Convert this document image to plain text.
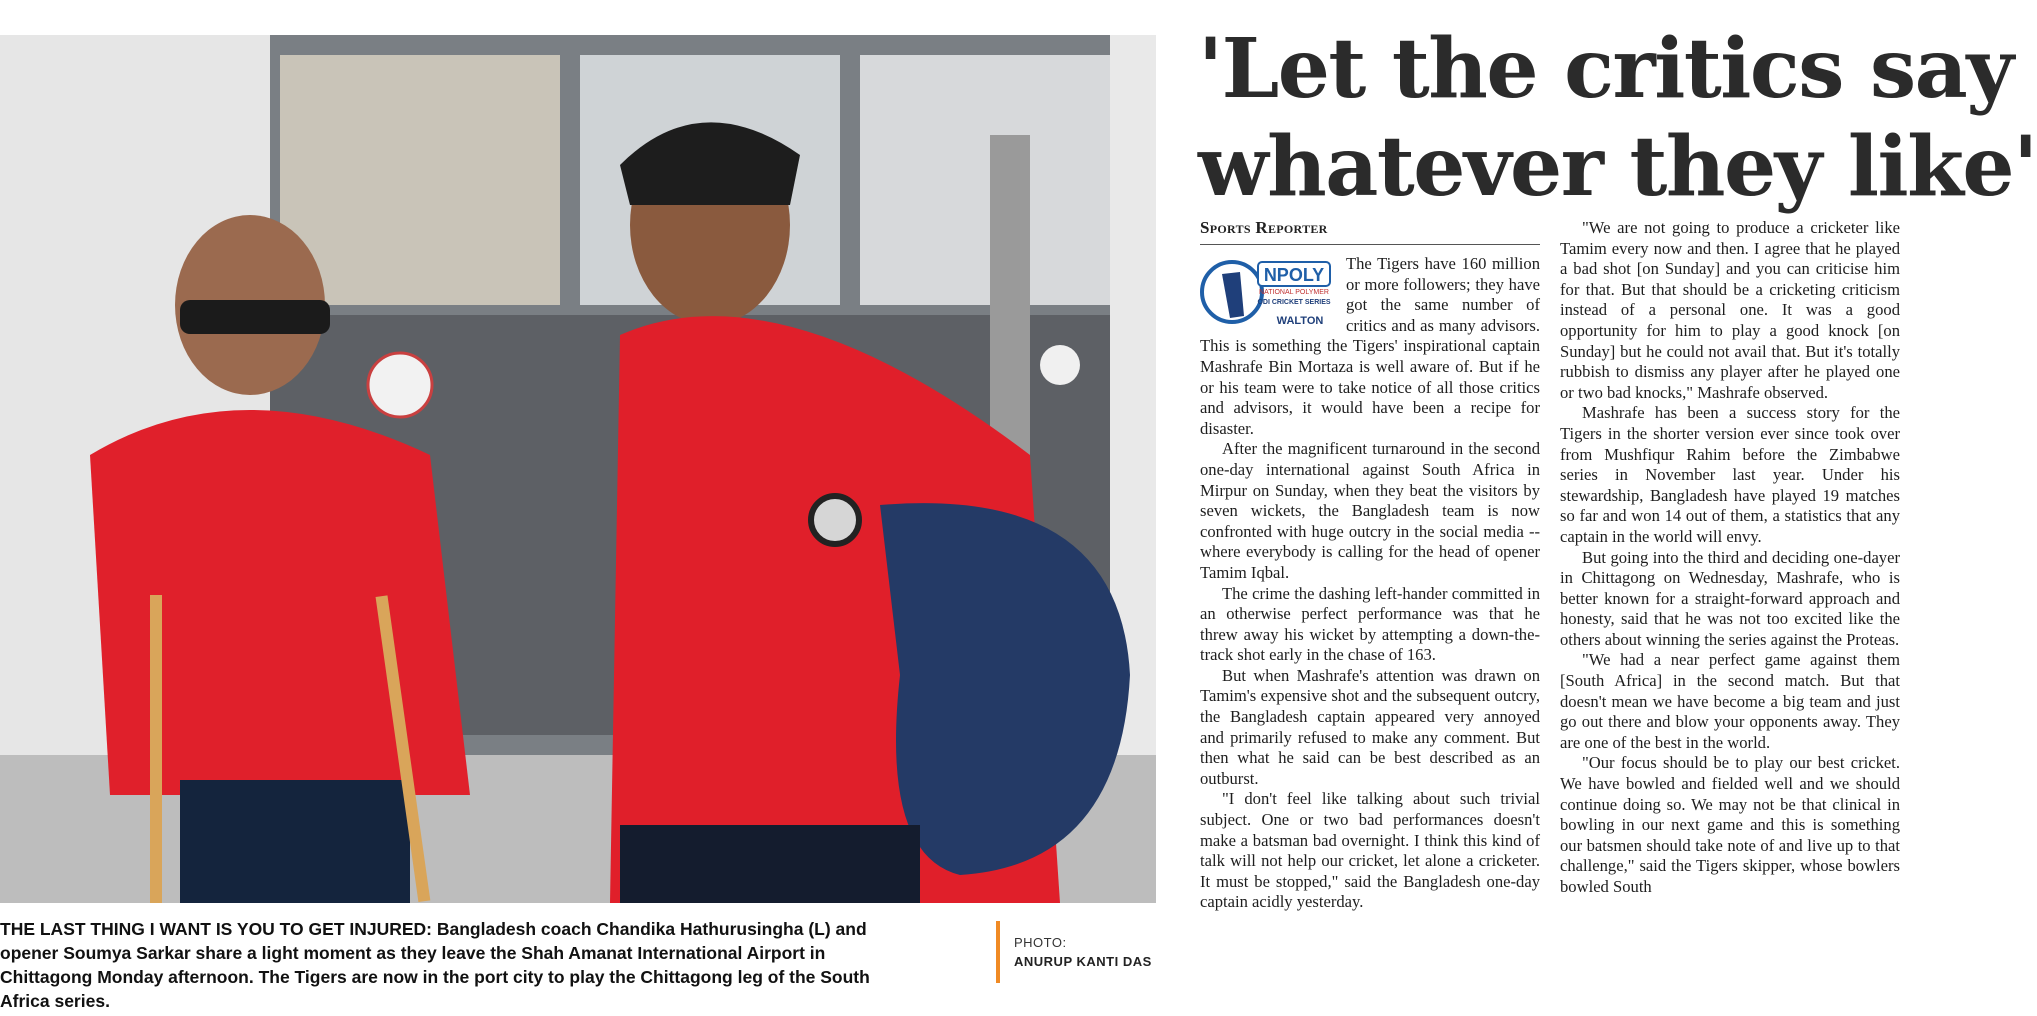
THE LAST THING I WANT IS YOU TO GET INJURED: Bangladesh coach Chandika Hathurusingha (L) and opener Soumya Sarkar share a light moment as they leave the Shah Amanat International Airport in Chittagong Monday afternoon. The Tigers are now in the port city to play the Chittagong leg of the South Africa series.
PHOTO:
ANURUP KANTI DAS
'Let the critics say
whatever they like'
Sports Reporter
NPOLY
NATIONAL POLYMER
ODI CRICKET SERIES
WALTON

The Tigers have 160 million or more followers; they have got the same number of critics and as many advisors. This is something the Tigers' inspirational captain Mashrafe Bin Mortaza is well aware of. But if he or his team were to take notice of all those critics and advisors, it would have been a recipe for disaster.

After the magnificent turnaround in the second one-day international against South Africa in Mirpur on Sunday, when they beat the visitors by seven wickets, the Bangladesh team is now confronted with huge outcry in the social media -- where everybody is calling for the head of opener Tamim Iqbal.

The crime the dashing left-hander committed in an otherwise perfect performance was that he threw away his wicket by attempting a down-the-track shot early in the chase of 163.

But when Mashrafe's attention was drawn on Tamim's expensive shot and the subsequent outcry, the Bangladesh captain appeared very annoyed and primarily refused to make any comment. But then what he said can be best described as an outburst.

"I don't feel like talking about such trivial subject. One or two bad performances doesn't make a batsman bad overnight. I think this kind of talk will not help our cricket, let alone a cricketer. It must be stopped," said the Bangladesh one-day captain acidly yesterday.

"We are not going to produce a cricketer like Tamim every now and then. I agree that he played a bad shot [on Sunday] and you can criticise him for that. But that should be a cricketing criticism instead of a personal one. It was a good opportunity for him to play a good knock [on Sunday] but he could not avail that. But it's totally rubbish to dismiss any player after he played one or two bad knocks," Mashrafe observed.

Mashrafe has been a success story for the Tigers in the shorter version ever since took over from Mushfiqur Rahim before the Zimbabwe series in November last year. Under his stewardship, Bangladesh have played 19 matches so far and won 14 out of them, a statistics that any captain in the world will envy.

But going into the third and deciding one-dayer in Chittagong on Wednesday, Mashrafe, who is better known for a straight-forward approach and honesty, said that he was not too excited like the others about winning the series against the Proteas.

"We had a near perfect game against them [South Africa] in the second match. But that doesn't mean we have become a big team and just go out there and blow your opponents away. They are one of the best in the world.

"Our focus should be to play our best cricket. We have bowled and fielded well and we should continue doing so. We may not be that clinical in bowling in our next game and this is something our batsmen should take note of and live up to that challenge," said the Tigers skipper, whose bowlers bowled South
